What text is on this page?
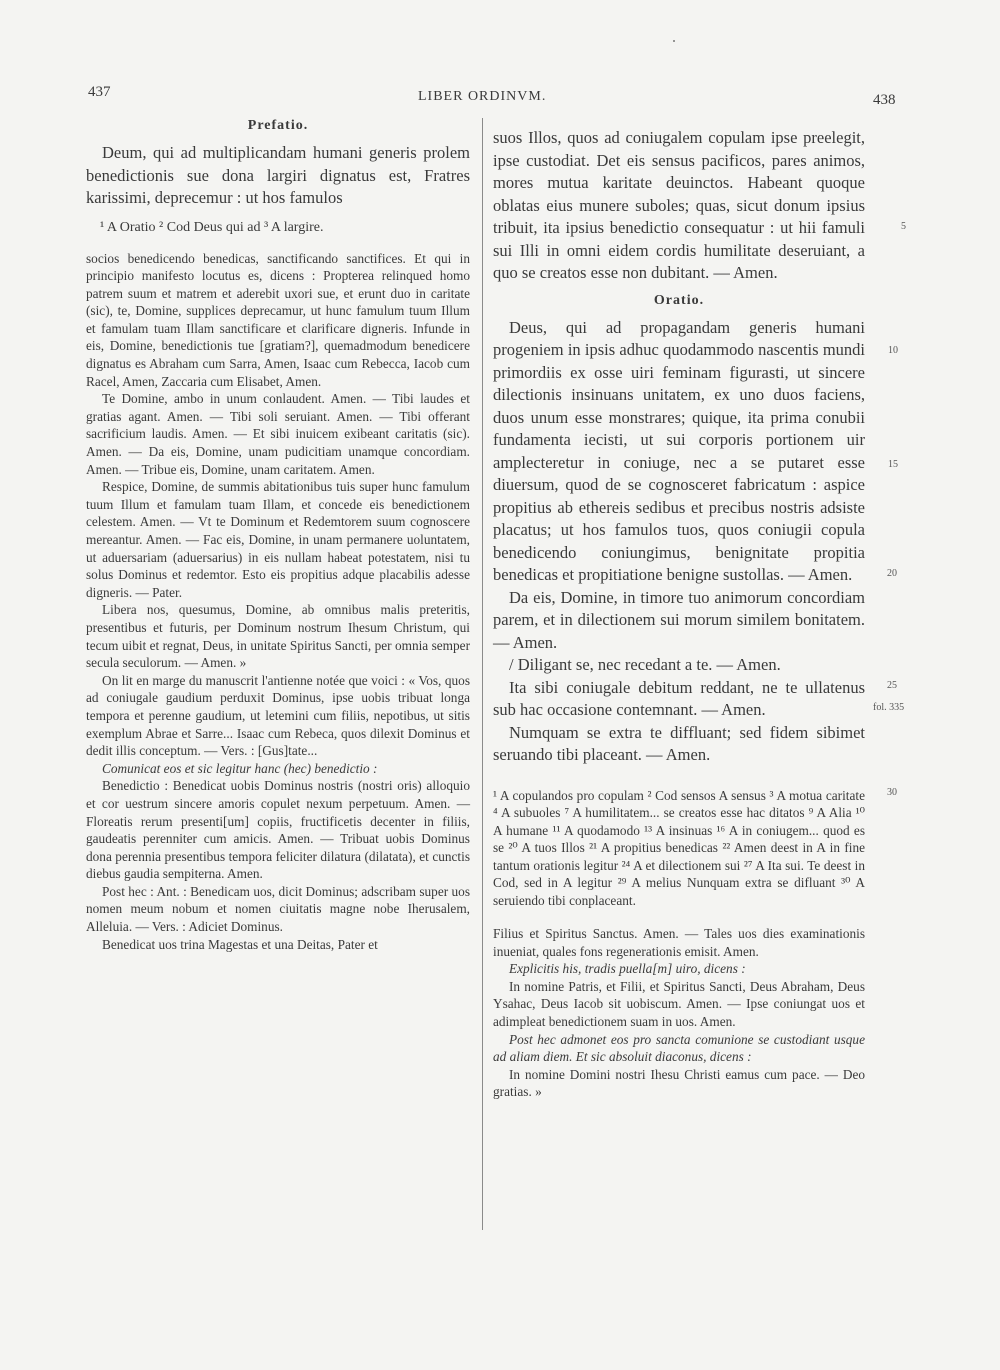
437	LIBER ORDINVM.	438

Prefatio.

Deum, qui ad multiplicandam humani generis prolem benedictionis sue dona largiri dignatus est, Fratres karissimi, deprecemur : ut hos famulos

¹ A Oratio ² Cod Deus qui ad ³ A largire.

socios benedicendo benedicas, sanctificando sanctifices. Et qui in principio manifesto locutus es, dicens : Propterea relinqued homo patrem suum et matrem et aderebit uxori sue, et erunt duo in caritate (sic), te, Domine, supplices deprecamur, ut hunc famulum tuum Illum et famulam tuam Illam sanctificare et clarificare digneris. Infunde in eis, Domine, benedictionis tue [gratiam?], quemadmodum benedicere dignatus es Abraham cum Sarra, Amen, Isaac cum Rebecca, Iacob cum Racel, Amen, Zaccaria cum Elisabet, Amen.

Te Domine, ambo in unum conlaudent. Amen. — Tibi laudes et gratias agant. Amen. — Tibi soli seruiant. Amen. — Tibi offerant sacrificium laudis. Amen. — Et sibi inuicem exibeant caritatis (sic). Amen. — Da eis, Domine, unam pudicitiam unamque concordiam. Amen. — Tribue eis, Domine, unam caritatem. Amen.

Respice, Domine, de summis abitationibus tuis super hunc famulum tuum Illum et famulam tuam Illam, et concede eis benedictionem celestem. Amen. — Vt te Dominum et Redemtorem suum cognoscere mereantur. Amen. — Fac eis, Domine, in unam permanere uoluntatem, ut aduersariam (aduersarius) in eis nullam habeat potestatem, nisi tu solus Dominus et redemtor. Esto eis propitius adque placabilis adesse digneris. — Pater.

Libera nos, quesumus, Domine, ab omnibus malis preteritis, presentibus et futuris, per Dominum nostrum Ihesum Christum, qui tecum uibit et regnat, Deus, in unitate Spiritus Sancti, per omnia semper secula seculorum. — Amen. »

On lit en marge du manuscrit l'antienne notée que voici : « Vos, quos ad coniugale gaudium perduxit Dominus, ipse uobis tribuat longa tempora et perenne gaudium, ut letemini cum filiis, nepotibus, ut sitis exemplum Abrae et Sarre... Isaac cum Rebeca, quos dilexit Dominus et dedit illis conceptum. — Vers. : [Gus]tate...

Comunicat eos et sic legitur hanc (hec) benedictio :

Benedictio : Benedicat uobis Dominus nostris (nostri oris) alloquio et cor uestrum sincere amoris copulet nexum perpetuum. Amen. — Floreatis rerum presenti[um] copiis, fructificetis decenter in filiis, gaudeatis perenniter cum amicis. Amen. — Tribuat uobis Dominus dona perennia presentibus tempora feliciter dilatura (dilatata), et cunctis diebus gaudia sempiterna. Amen.

Post hec : Ant. : Benedicam uos, dicit Dominus; adscribam super uos nomen meum nobum et nomen ciuitatis magne nobe Iherusalem, Alleluia. — Vers. : Adiciet Dominus.

Benedicat uos trina Magestas et una Deitas, Pater et

suos Illos, quos ad coniugalem copulam ipse preelegit, ipse custodiat. Det eis sensus pacificos, pares animos, mores mutua karitate deuinctos. Habeant quoque oblatas eius munere suboles; quas, sicut donum ipsius tribuit, ita ipsius benedictio consequatur : ut hii famuli sui Illi in omni eidem cordis humilitate deseruiant, a quo se creatos esse non dubitant. — Amen.

Oratio.

Deus, qui ad propagandam generis humani progeniem in ipsis adhuc quodammodo nascentis mundi primordiis ex osse uiri feminam figurasti, ut sincere dilectionis insinuans unitatem, ex uno duos faciens, duos unum esse monstrares; quique, ita prima conubii fundamenta iecisti, ut sui corporis portionem uir amplecteretur in coniuge, nec a se putaret esse diuersum, quod de se cognosceret fabricatum : aspice propitius ab ethereis sedibus et precibus nostris adsiste placatus; ut hos famulos tuos, quos coniugii copula benedicendo coniungimus, benignitate propitia benedicas et propitiatione benigne sustollas. — Amen.

Da eis, Domine, in timore tuo animorum concordiam parem, et in dilectionem sui morum similem bonitatem. — Amen.

/ Diligant se, nec recedant a te. — Amen.

Ita sibi coniugale debitum reddant, ne te ullatenus sub hac occasione contemnant. — Amen.

Numquam se extra te diffluant; sed fidem sibimet seruando tibi placeant. — Amen.

¹ A copulandos pro copulam ² Cod sensos A sensus ³ A motua caritate ⁴ A subuoles ⁷ A humilitatem... se creatos esse hac ditatos ⁹ A Alia ¹⁰ A humane ¹¹ A quodamodo ¹³ A insinuas ¹⁶ A in coniugem... quod es se ²⁰ A tuos Illos ²¹ A propitius benedicas ²² Amen deest in A in fine tantum orationis legitur ²⁴ A et dilectionem sui ²⁷ A Ita sui. Te deest in Cod, sed in A legitur ²⁹ A melius Nunquam extra se difluant ³⁰ A seruiendo tibi conplaceant.

Filius et Spiritus Sanctus. Amen. — Tales uos dies examinationis inueniat, quales fons regenerationis emisit. Amen.

Explicitis his, tradis puella[m] uiro, dicens :

In nomine Patris, et Filii, et Spiritus Sancti, Deus Abraham, Deus Ysahac, Deus Iacob sit uobiscum. Amen. — Ipse coniungat uos et adimpleat benedictionem suam in uos. Amen.

Post hec admonet eos pro sancta comunione se custodiant usque ad aliam diem. Et sic absoluit diaconus, dicens :

In nomine Domini nostri Ihesu Christi eamus cum pace. — Deo gratias. »

5
10
15
20
25
fol. 335
30
